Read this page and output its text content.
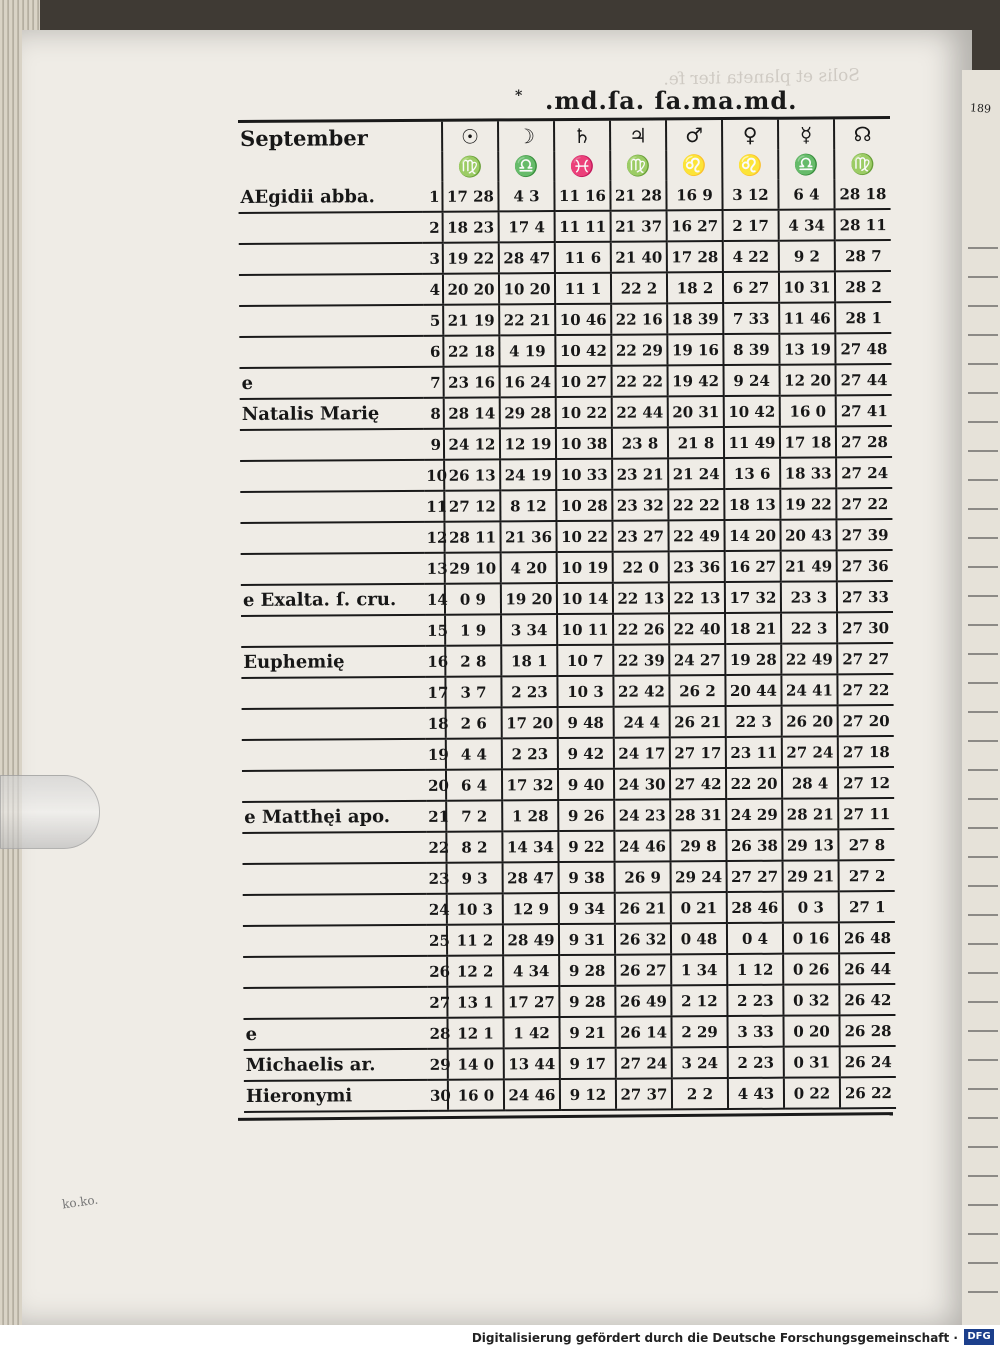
189
Solis et planeta iter fe.
* .md.ſa. ſa.ma.md.
September		☉	☽	♄	♃	♂	♀	☿	☊
		♍	♎	♓	♍	♌	♌	♎	♍
AEgidii abba.	1	17 28	4 3	11 16	21 28	16 9	3 12	6 4	28 18
	2	18 23	17 4	11 11	21 37	16 27	2 17	4 34	28 11
	3	19 22	28 47	11 6	21 40	17 28	4 22	9 2	28 7
	4	20 20	10 20	11 1	22 2	18 2	6 27	10 31	28 2
	5	21 19	22 21	10 46	22 16	18 39	7 33	11 46	28 1
	6	22 18	4 19	10 42	22 29	19 16	8 39	13 19	27 48
e	7	23 16	16 24	10 27	22 22	19 42	9 24	12 20	27 44
Natalis Marię	8	28 14	29 28	10 22	22 44	20 31	10 42	16 0	27 41
	9	24 12	12 19	10 38	23 8	21 8	11 49	17 18	27 28
	10	26 13	24 19	10 33	23 21	21 24	13 6	18 33	27 24
	11	27 12	8 12	10 28	23 32	22 22	18 13	19 22	27 22
	12	28 11	21 36	10 22	23 27	22 49	14 20	20 43	27 39
	13	29 10	4 20	10 19	22 0	23 36	16 27	21 49	27 36
e Exalta. ſ. cru.	14	0 9	19 20	10 14	22 13	22 13	17 32	23 3	27 33
	15	1 9	3 34	10 11	22 26	22 40	18 21	22 3	27 30
Euphemię	16	2 8	18 1	10 7	22 39	24 27	19 28	22 49	27 27
	17	3 7	2 23	10 3	22 42	26 2	20 44	24 41	27 22
	18	2 6	17 20	9 48	24 4	26 21	22 3	26 20	27 20
	19	4 4	2 23	9 42	24 17	27 17	23 11	27 24	27 18
	20	6 4	17 32	9 40	24 30	27 42	22 20	28 4	27 12
e Matthęi apo.	21	7 2	1 28	9 26	24 23	28 31	24 29	28 21	27 11
	22	8 2	14 34	9 22	24 46	29 8	26 38	29 13	27 8
	23	9 3	28 47	9 38	26 9	29 24	27 27	29 21	27 2
	24	10 3	12 9	9 34	26 21	0 21	28 46	0 3	27 1
	25	11 2	28 49	9 31	26 32	0 48	0 4	0 16	26 48
	26	12 2	4 34	9 28	26 27	1 34	1 12	0 26	26 44
	27	13 1	17 27	9 28	26 49	2 12	2 23	0 32	26 42
e	28	12 1	1 42	9 21	26 14	2 29	3 33	0 20	26 28
Michaelis ar.	29	14 0	13 44	9 17	27 24	3 24	2 23	0 31	26 24
Hieronymi	30	16 0	24 46	9 12	27 37	2 2	4 43	0 22	26 22
ko.ko.
Digitalisierung gefördert durch die Deutsche Forschungsgemeinschaft · DFG
